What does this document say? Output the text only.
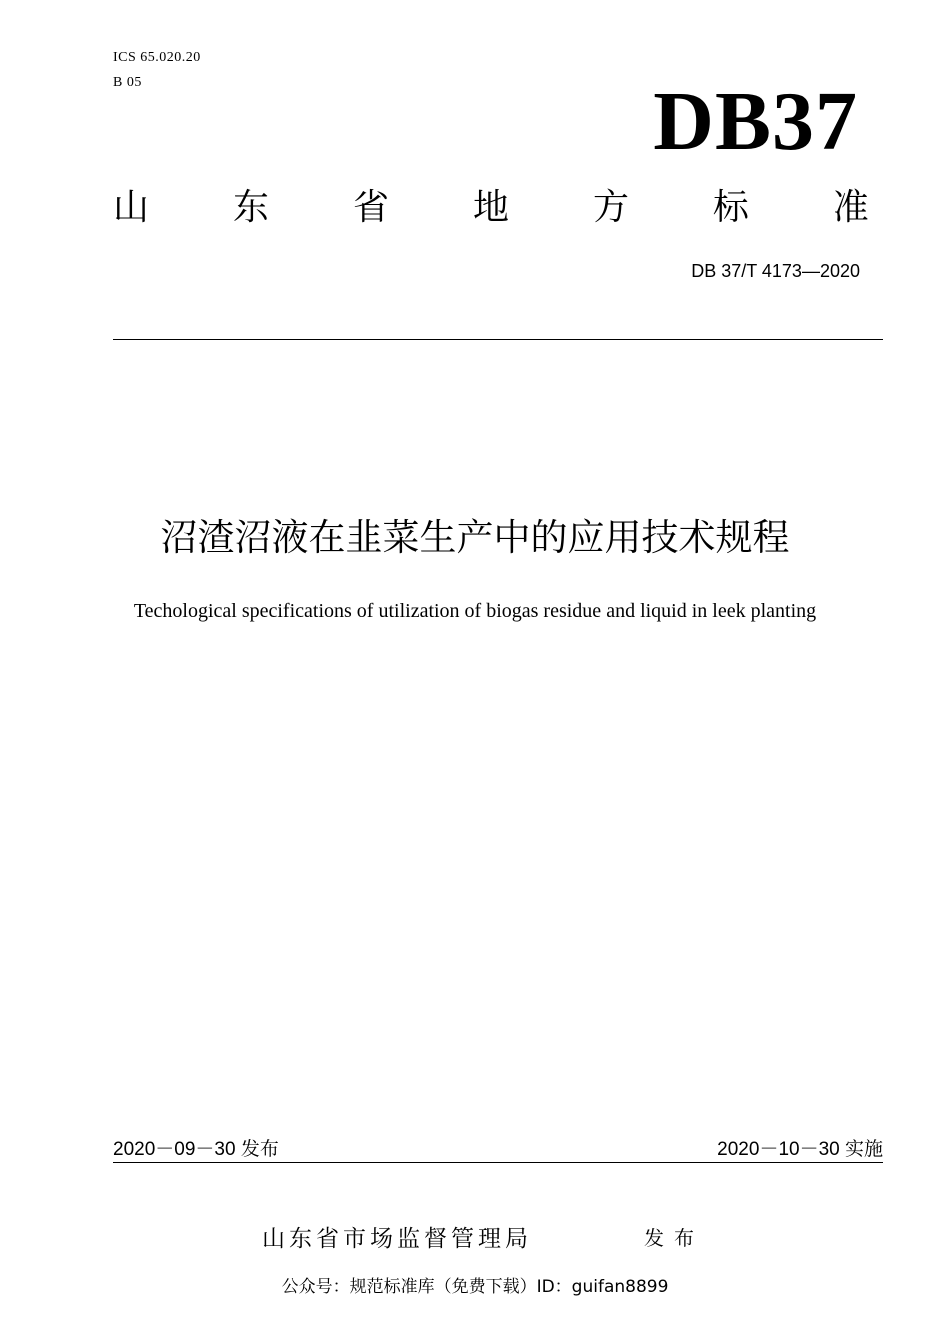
ICS 65.020.20
B 05	DB37
山 东 省 地 方 标 准
DB 37/T 4173—2020
沼渣沼液在韭菜生产中的应用技术规程
Techological specifications of utilization of biogas residue and liquid in leek planting
2020－09－30 发布	2020－10－30 实施
山东省市场监督管理局	发布
公众号：规范标准库（免费下载）ID：guifan8899
